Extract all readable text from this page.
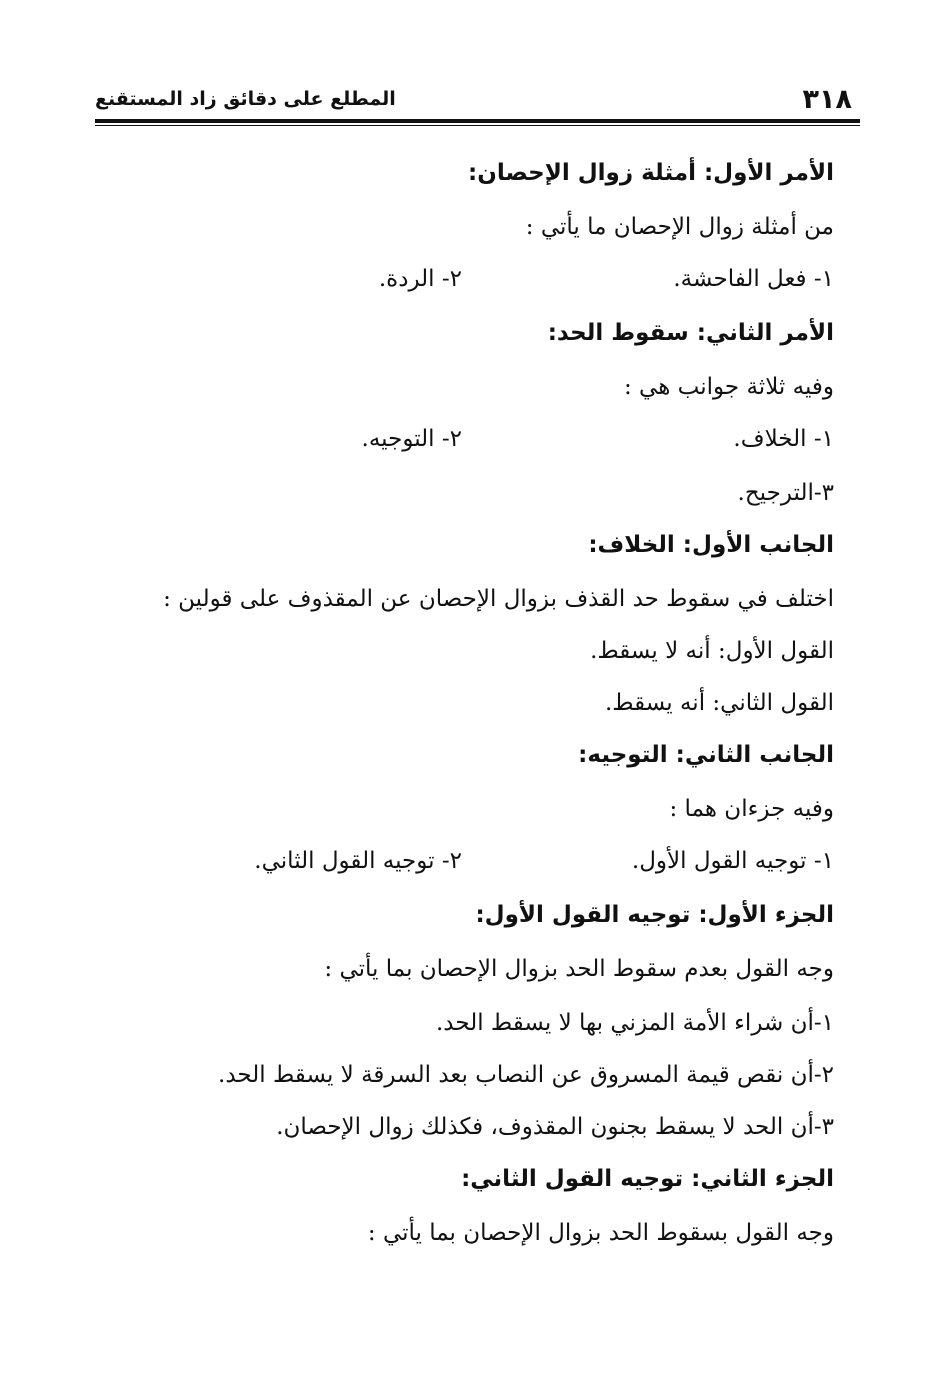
المطلع على دقائق زاد المستقنع	٣١٨
الأمر الأول: أمثلة زوال الإحصان:
من أمثلة زوال الإحصان ما يأتي :
١- فعل الفاحشة.
٢- الردة.
الأمر الثاني: سقوط الحد:
وفيه ثلاثة جوانب هي :
١- الخلاف.
٢- التوجيه.
٣-الترجيح.
الجانب الأول: الخلاف:
اختلف في سقوط حد القذف بزوال الإحصان عن المقذوف على قولين :
القول الأول: أنه لا يسقط.
القول الثاني: أنه يسقط.
الجانب الثاني: التوجيه:
وفيه جزءان هما :
١- توجيه القول الأول.
٢- توجيه القول الثاني.
الجزء الأول: توجيه القول الأول:
وجه القول بعدم سقوط الحد بزوال الإحصان بما يأتي :
١-أن شراء الأمة المزني بها لا يسقط الحد.
٢-أن نقص قيمة المسروق عن النصاب بعد السرقة لا يسقط الحد.
٣-أن الحد لا يسقط بجنون المقذوف، فكذلك زوال الإحصان.
الجزء الثاني: توجيه القول الثاني:
وجه القول بسقوط الحد بزوال الإحصان بما يأتي :
